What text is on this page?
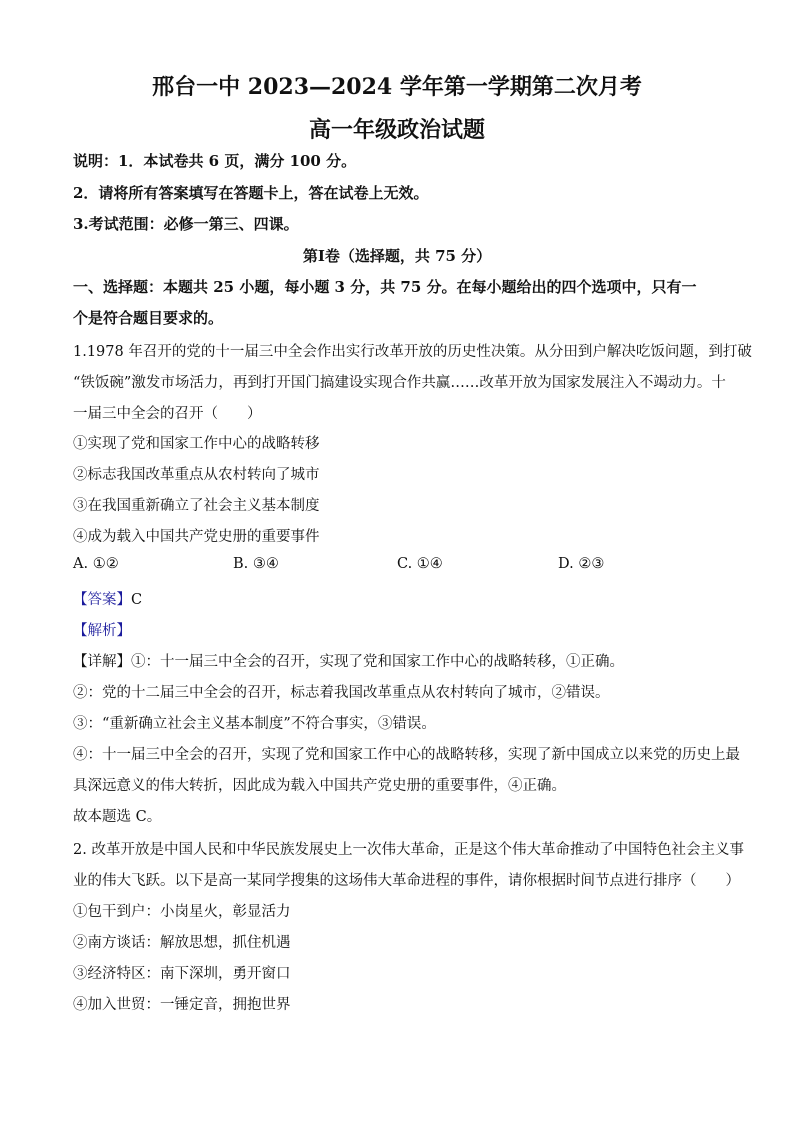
邢台一中 2023—2024 学年第一学期第二次月考
高一年级政治试题
说明：1．本试卷共 6 页，满分 100 分。
2．请将所有答案填写在答题卡上，答在试卷上无效。
3.考试范围：必修一第三、四课。
第Ⅰ卷（选择题，共 75 分）
一、选择题：本题共 25 小题，每小题 3 分，共 75 分。在每小题给出的四个选项中，只有一
个是符合题目要求的。
1.1978 年召开的党的十一届三中全会作出实行改革开放的历史性决策。从分田到户解决吃饭问题，到打破
“铁饭碗”激发市场活力，再到打开国门搞建设实现合作共赢……改革开放为国家发展注入不竭动力。十
一届三中全会的召开（　　）
①实现了党和国家工作中心的战略转移
②标志我国改革重点从农村转向了城市
③在我国重新确立了社会主义基本制度
④成为载入中国共产党史册的重要事件
A. ①②	B. ③④	C. ①④	D. ②③
【答案】C
【解析】
【详解】①：十一届三中全会的召开，实现了党和国家工作中心的战略转移，①正确。
②：党的十二届三中全会的召开，标志着我国改革重点从农村转向了城市，②错误。
③：“重新确立社会主义基本制度”不符合事实，③错误。
④：十一届三中全会的召开，实现了党和国家工作中心的战略转移，实现了新中国成立以来党的历史上最
具深远意义的伟大转折，因此成为载入中国共产党史册的重要事件，④正确。
故本题选 C。
2. 改革开放是中国人民和中华民族发展史上一次伟大革命，正是这个伟大革命推动了中国特色社会主义事
业的伟大飞跃。以下是高一某同学搜集的这场伟大革命进程的事件，请你根据时间节点进行排序（　　）
①包干到户：小岗星火，彰显活力
②南方谈话：解放思想，抓住机遇
③经济特区：南下深圳，勇开窗口
④加入世贸：一锤定音，拥抱世界
